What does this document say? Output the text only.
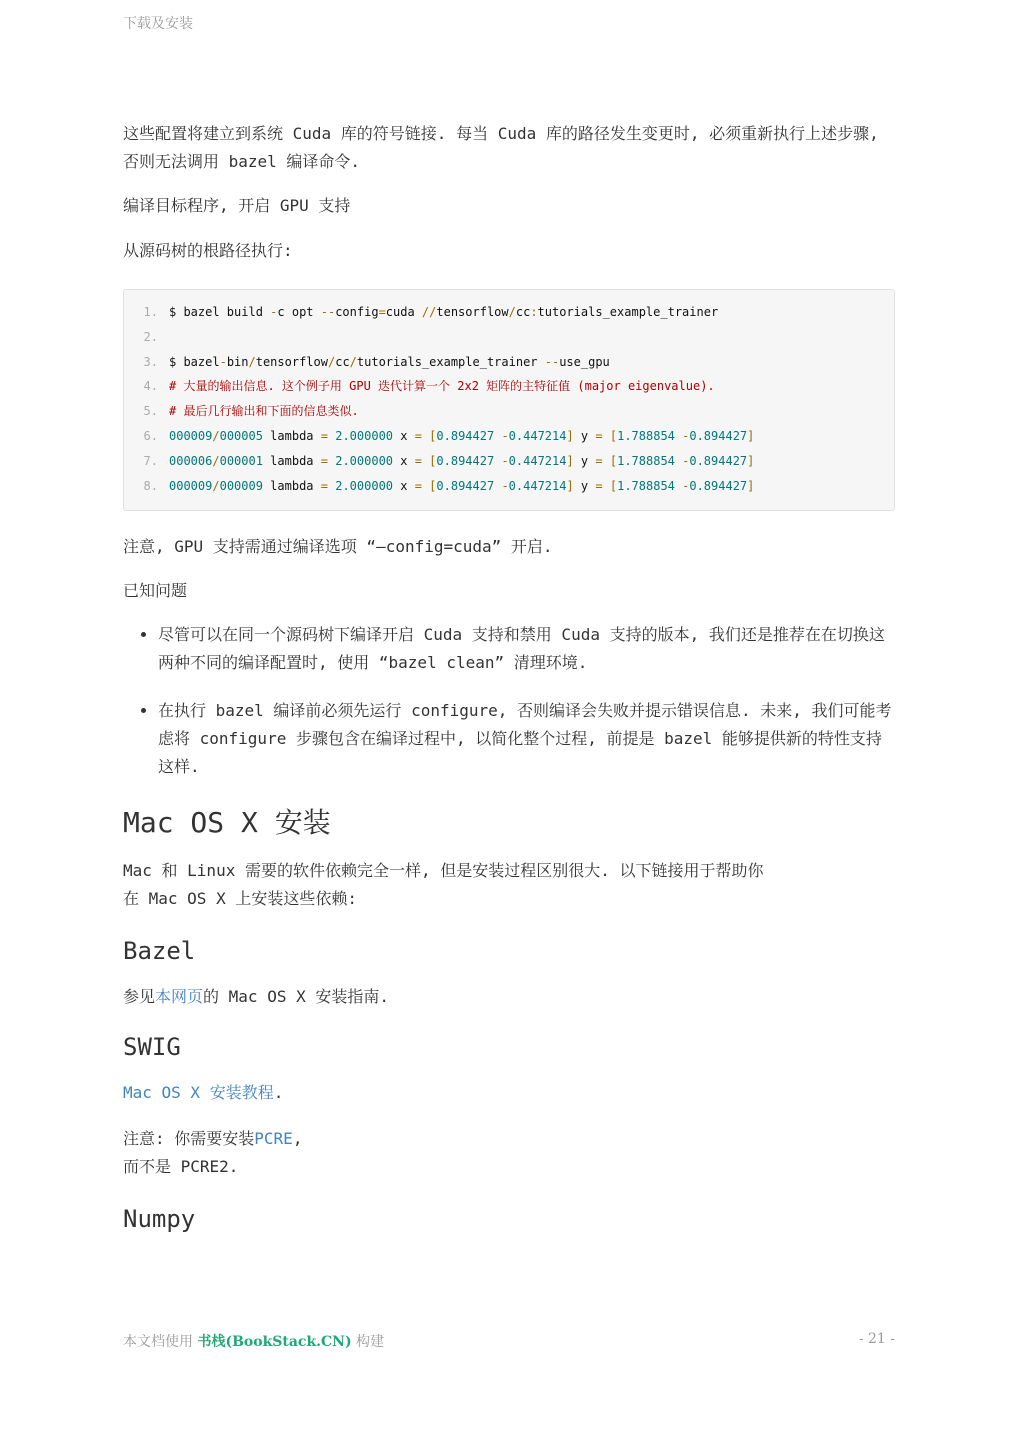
下载及安装

这些配置将建立到系统 Cuda 库的符号链接. 每当 Cuda 库的路径发生变更时, 必须重新执行上述步骤, 否则无法调用 bazel 编译命令.

编译目标程序, 开启 GPU 支持

从源码树的根路径执行:

1. $ bazel build -c opt --config=cuda //tensorflow/cc:tutorials_example_trainer
2.
3. $ bazel-bin/tensorflow/cc/tutorials_example_trainer --use_gpu
4. # 大量的输出信息. 这个例子用 GPU 迭代计算一个 2x2 矩阵的主特征值 (major eigenvalue).
5. # 最后几行输出和下面的信息类似.
6. 000009/000005 lambda = 2.000000 x = [0.894427 -0.447214] y = [1.788854 -0.894427]
7. 000006/000001 lambda = 2.000000 x = [0.894427 -0.447214] y = [1.788854 -0.894427]
8. 000009/000009 lambda = 2.000000 x = [0.894427 -0.447214] y = [1.788854 -0.894427]

注意, GPU 支持需通过编译选项 “—config=cuda” 开启.

已知问题

• 尽管可以在同一个源码树下编译开启 Cuda 支持和禁用 Cuda 支持的版本, 我们还是推荐在在切换这两种不同的编译配置时, 使用 “bazel clean” 清理环境.
• 在执行 bazel 编译前必须先运行 configure, 否则编译会失败并提示错误信息. 未来, 我们可能考虑将 configure 步骤包含在编译过程中, 以简化整个过程, 前提是 bazel 能够提供新的特性支持这样.
Mac OS X 安装

Mac 和 Linux 需要的软件依赖完全一样, 但是安装过程区别很大. 以下链接用于帮助你
在 Mac OS X 上安装这些依赖:

Bazel

参见本网页的 Mac OS X 安装指南.

SWIG

Mac OS X 安装教程.

注意: 你需要安装PCRE,
而不是 PCRE2.

Numpy
本文档使用 书栈(BookStack.CN) 构建	- 21 -
